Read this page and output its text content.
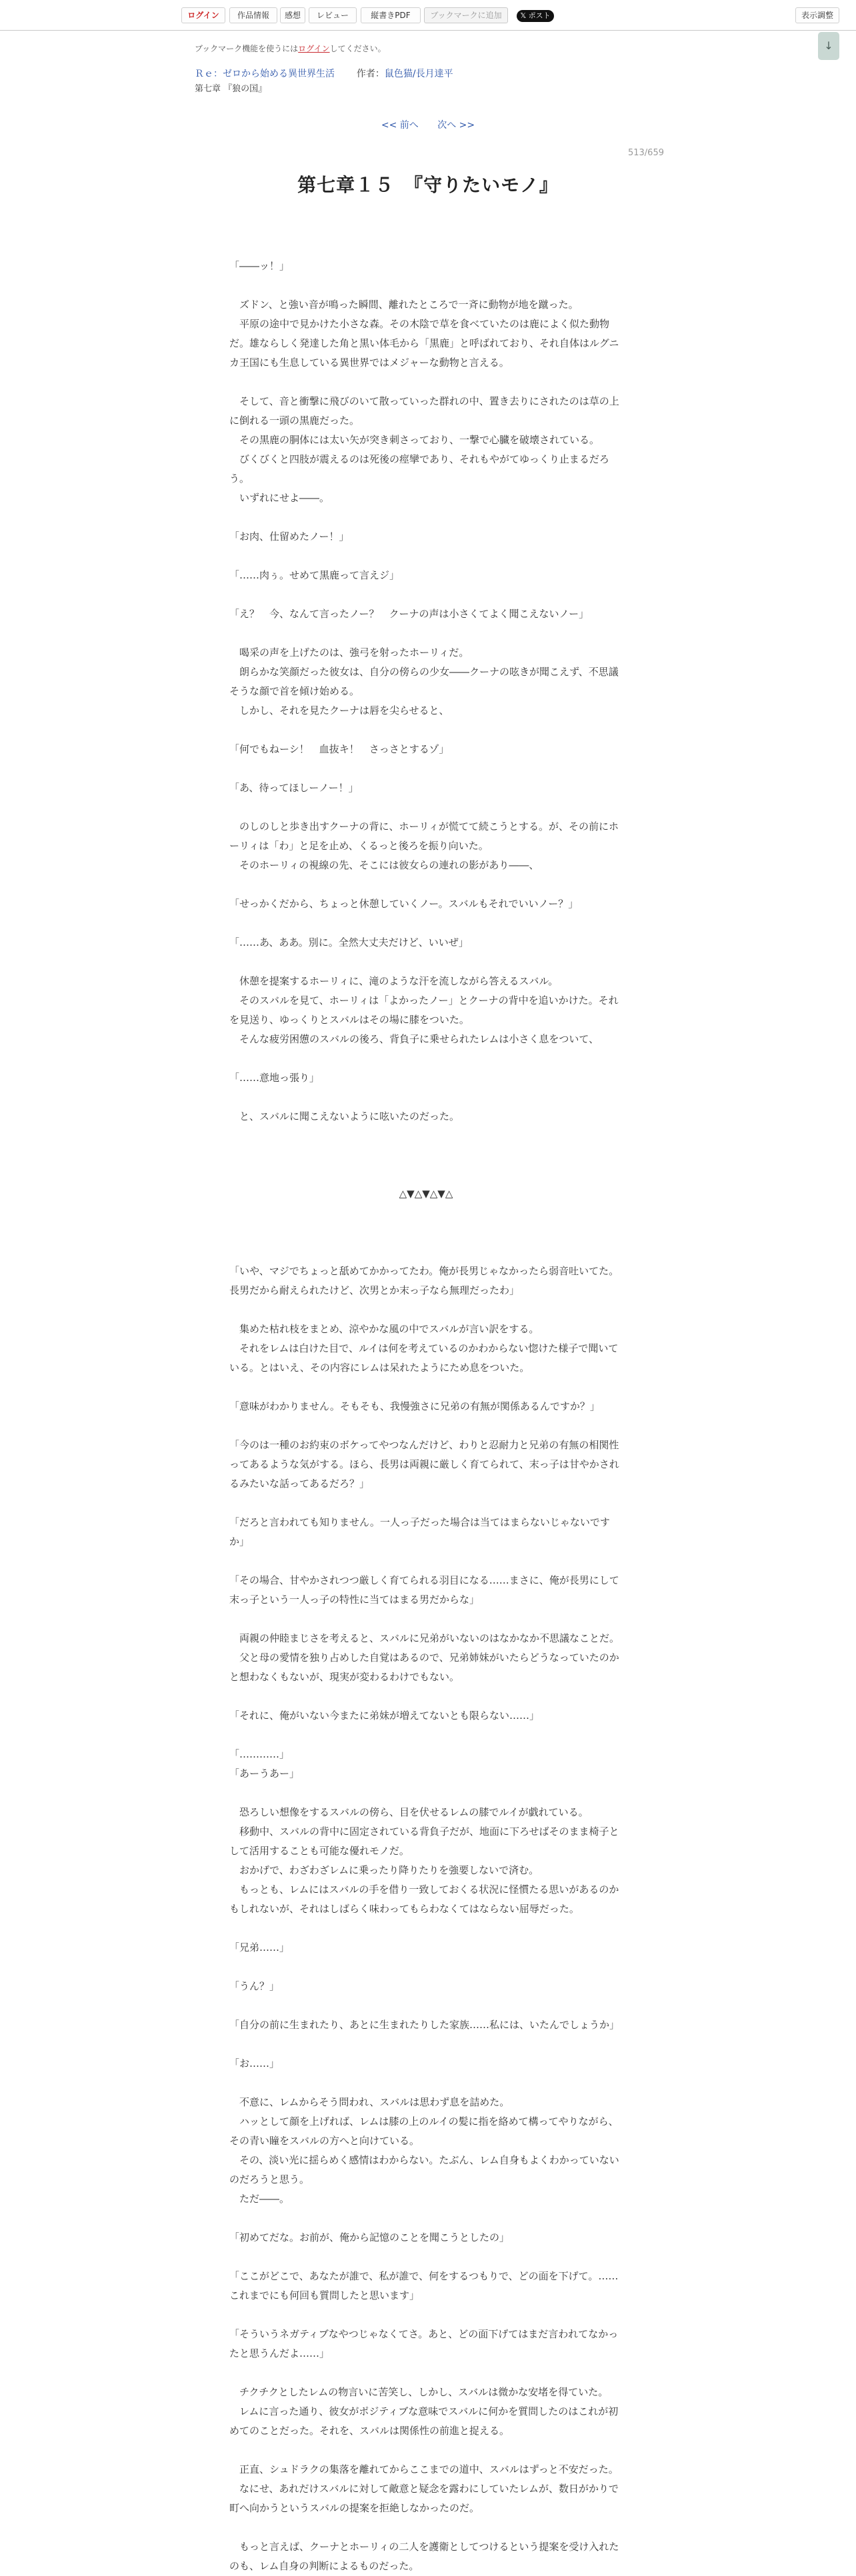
ログイン	作品情報	感想	レビュー	縦書きPDF	ブックマークに追加	𝕏 ポスト	表示調整
↓
ブックマーク機能を使うにはログインしてください。
Ｒｅ：ゼロから始める異世界生活 作者：鼠色猫/長月達平
第七章 『狼の国』
<< 前へ 次へ >>
513/659
第七章１５　『守りたいモノ』

「――ッ！」

　ズドン、と強い音が鳴った瞬間、離れたところで一斉に動物が地を蹴った。

　平原の途中で見かけた小さな森。その木陰で草を食べていたのは鹿によく似た動物だ。雄ならしく発達した角と黒い体毛から「黒鹿」と呼ばれており、それ自体はルグニカ王国にも生息している異世界ではメジャーな動物と言える。

　そして、音と衝撃に飛びのいて散っていった群れの中、置き去りにされたのは草の上に倒れる一頭の黒鹿だった。

　その黒鹿の胴体には太い矢が突き刺さっており、一撃で心臓を破壊されている。

　びくびくと四肢が震えるのは死後の痙攣であり、それもやがてゆっくり止まるだろう。

　いずれにせよ――。

「お肉、仕留めたノー！」

「……肉ぅ。せめて黒鹿って言えジ」

「え？　今、なんて言ったノー？　クーナの声は小さくてよく聞こえないノー」

　喝采の声を上げたのは、強弓を射ったホーリィだ。

　朗らかな笑顔だった彼女は、自分の傍らの少女――クーナの呟きが聞こえず、不思議そうな顔で首を傾け始める。

　しかし、それを見たクーナは唇を尖らせると、

「何でもねーシ！　血抜キ！　さっさとするゾ」

「あ、待ってほしーノー！」

　のしのしと歩き出すクーナの背に、ホーリィが慌てて続こうとする。が、その前にホーリィは「わ」と足を止め、くるっと後ろを振り向いた。

　そのホーリィの視線の先、そこには彼女らの連れの影があり――、

「せっかくだから、ちょっと休憩していくノー。スバルもそれでいいノー？」

「……あ、ああ。別に。全然大丈夫だけど、いいぜ」

　休憩を提案するホーリィに、滝のような汗を流しながら答えるスバル。

　そのスバルを見て、ホーリィは「よかったノー」とクーナの背中を追いかけた。それを見送り、ゆっくりとスバルはその場に膝をついた。

　そんな疲労困憊のスバルの後ろ、背負子に乗せられたレムは小さく息をついて、

「……意地っ張り」

　と、スバルに聞こえないように呟いたのだった。

△▼△▼△▼△

「いや、マジでちょっと舐めてかかってたわ。俺が長男じゃなかったら弱音吐いてた。長男だから耐えられたけど、次男とか末っ子なら無理だったわ」

　集めた枯れ枝をまとめ、涼やかな風の中でスバルが言い訳をする。

　それをレムは白けた目で、ルイは何を考えているのかわからない惚けた様子で聞いている。とはいえ、その内容にレムは呆れたようにため息をついた。

「意味がわかりません。そもそも、我慢強さに兄弟の有無が関係あるんですか？」

「今のは一種のお約束のボケってやつなんだけど、わりと忍耐力と兄弟の有無の相関性ってあるような気がする。ほら、長男は両親に厳しく育てられて、末っ子は甘やかされるみたいな話ってあるだろ？」

「だろと言われても知りません。一人っ子だった場合は当てはまらないじゃないですか」

「その場合、甘やかされつつ厳しく育てられる羽目になる……まさに、俺が長男にして末っ子という一人っ子の特性に当てはまる男だからな」

　両親の仲睦まじさを考えると、スバルに兄弟がいないのはなかなか不思議なことだ。

　父と母の愛情を独り占めした自覚はあるので、兄弟姉妹がいたらどうなっていたのかと想わなくもないが、現実が変わるわけでもない。

「それに、俺がいない今またに弟妹が増えてないとも限らない……」

「…………」

「あーうあー」

　恐ろしい想像をするスバルの傍ら、目を伏せるレムの膝でルイが戯れている。

　移動中、スバルの背中に固定されている背負子だが、地面に下ろせばそのまま椅子として活用することも可能な優れモノだ。

　おかげで、わざわざレムに乗ったり降りたりを強要しないで済む。

　もっとも、レムにはスバルの手を借り一致しておくる状況に怪慣たる思いがあるのかもしれないが、それはしばらく味わってもらわなくてはならない屈辱だった。

「兄弟……」

「うん？」

「自分の前に生まれたり、あとに生まれたりした家族……私には、いたんでしょうか」

「お……」

　不意に、レムからそう問われ、スバルは思わず息を詰めた。

　ハッとして顔を上げれば、レムは膝の上のルイの髪に指を絡めて構ってやりながら、その青い瞳をスバルの方へと向けている。

　その、淡い光に揺らめく感情はわからない。たぶん、レム自身もよくわかっていないのだろうと思う。

　ただ――。

「初めてだな。お前が、俺から記憶のことを聞こうとしたの」

「ここがどこで、あなたが誰で、私が誰で、何をするつもりで、どの面を下げて。……これまでにも何回も質問したと思います」

「そういうネガティブなやつじゃなくてさ。あと、どの面下げてはまだ言われてなかったと思うんだよ……」

　チクチクとしたレムの物言いに苦笑し、しかし、スバルは微かな安堵を得ていた。

　レムに言った通り、彼女がポジティブな意味でスバルに何かを質問したのはこれが初めてのことだった。それを、スバルは関係性の前進と捉える。

　正直、シュドラクの集落を離れてからここまでの道中、スバルはずっと不安だった。

　なにせ、あれだけスバルに対して敵意と疑念を露わにしていたレムが、数日がかりで町へ向かうというスバルの提案を拒絶しなかったのだ。

　もっと言えば、クーナとホーリィの二人を護衛としてつけるという提案を受け入れたのも、レム自身の判断によるものだった。
